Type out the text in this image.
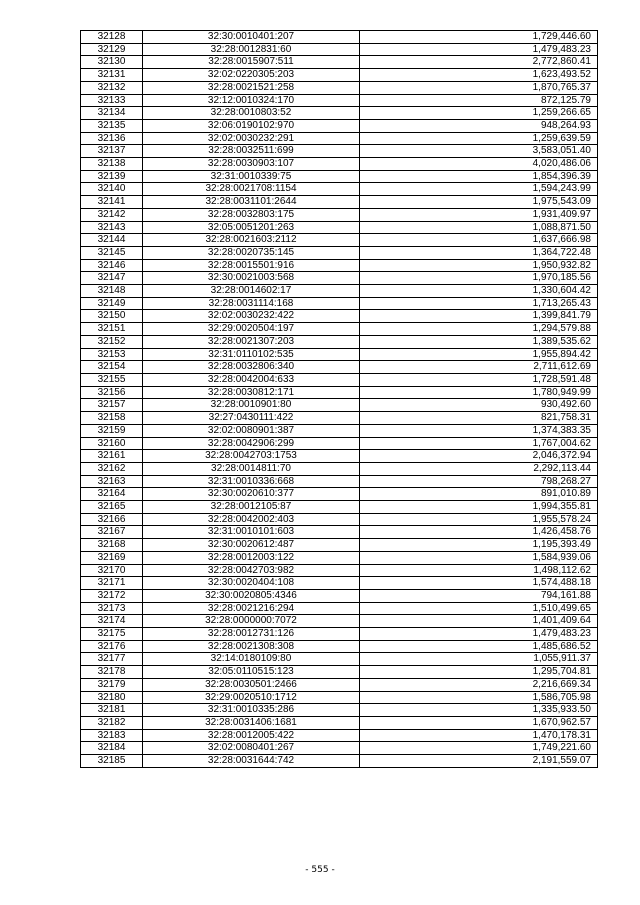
32128	32:30:0010401:207	1,729,446.60
32129	32:28:0012831:60	1,479,483.23
32130	32:28:0015907:511	2,772,860.41
32131	32:02:0220305:203	1,623,493.52
32132	32:28:0021521:258	1,870,765.37
32133	32:12:0010324:170	872,125.79
32134	32:28:0010803:52	1,259,266.65
32135	32:06:0190102:970	948,264.93
32136	32:02:0030232:291	1,259,639.59
32137	32:28:0032511:699	3,583,051.40
32138	32:28:0030903:107	4,020,486.06
32139	32:31:0010339:75	1,854,396.39
32140	32:28:0021708:1154	1,594,243.99
32141	32:28:0031101:2644	1,975,543.09
32142	32:28:0032803:175	1,931,409.97
32143	32:05:0051201:263	1,088,871.50
32144	32:28:0021603:2112	1,637,666.98
32145	32:28:0020735:145	1,364,722.48
32146	32:28:0015501:916	1,950,932.82
32147	32:30:0021003:568	1,970,185.56
32148	32:28:0014602:17	1,330,604.42
32149	32:28:0031114:168	1,713,265.43
32150	32:02:0030232:422	1,399,841.79
32151	32:29:0020504:197	1,294,579.88
32152	32:28:0021307:203	1,389,535.62
32153	32:31:0110102:535	1,955,894.42
32154	32:28:0032806:340	2,711,612.69
32155	32:28:0042004:633	1,728,591.48
32156	32:28:0030812:171	1,780,949.99
32157	32:28:0010901:80	930,492.60
32158	32:27:0430111:422	821,758.31
32159	32:02:0080901:387	1,374,383.35
32160	32:28:0042906:299	1,767,004.62
32161	32:28:0042703:1753	2,046,372.94
32162	32:28:0014811:70	2,292,113.44
32163	32:31:0010336:668	798,268.27
32164	32:30:0020610:377	891,010.89
32165	32:28:0012105:87	1,994,355.81
32166	32:28:0042002:403	1,955,578.24
32167	32:31:0010101:603	1,426,458.76
32168	32:30:0020612:487	1,195,393.49
32169	32:28:0012003:122	1,584,939.06
32170	32:28:0042703:982	1,498,112.62
32171	32:30:0020404:108	1,574,488.18
32172	32:30:0020805:4346	794,161.88
32173	32:28:0021216:294	1,510,499.65
32174	32:28:0000000:7072	1,401,409.64
32175	32:28:0012731:126	1,479,483.23
32176	32:28:0021308:308	1,485,686.52
32177	32:14:0180109:80	1,055,911.37
32178	32:05:0110515:123	1,295,704.81
32179	32:28:0030501:2466	2,216,669.34
32180	32:29:0020510:1712	1,586,705.98
32181	32:31:0010335:286	1,335,933.50
32182	32:28:0031406:1681	1,670,962.57
32183	32:28:0012005:422	1,470,178.31
32184	32:02:0080401:267	1,749,221.60
32185	32:28:0031644:742	2,191,559.07
- 555 -
